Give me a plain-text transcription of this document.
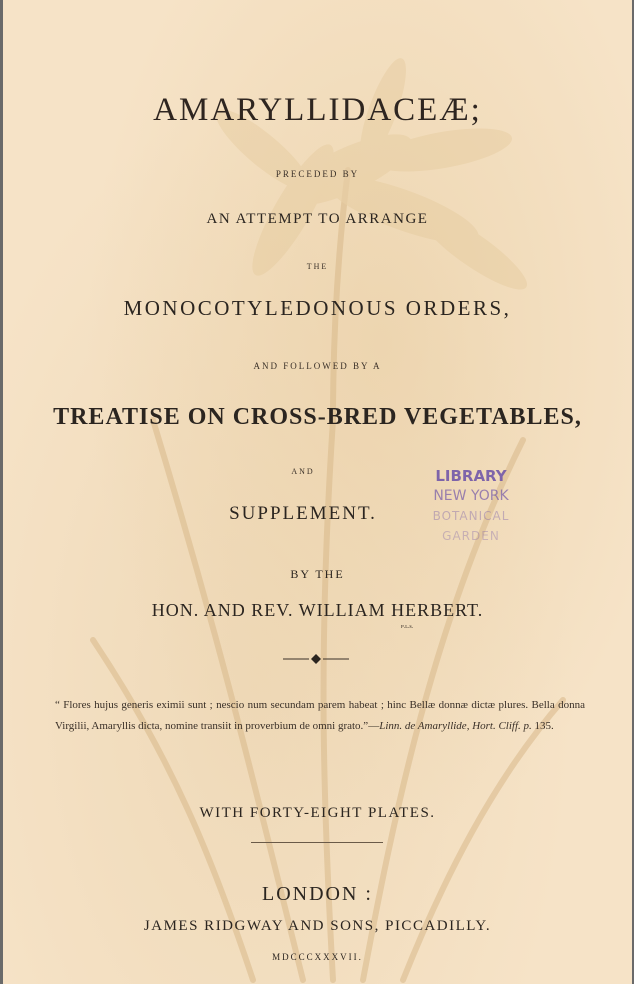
AMARYLLIDACEÆ;
PRECEDED BY
AN ATTEMPT TO ARRANGE
THE
MONOCOTYLEDONOUS ORDERS,
AND FOLLOWED BY A
TREATISE ON CROSS-BRED VEGETABLES,
AND
SUPPLEMENT.
LIBRARY
NEW YORK
BOTANICAL
GARDEN
BY THE
HON. AND REV. WILLIAM HERBERT.
ᴘ.ʟ.s.
“ Flores hujus generis eximii sunt ; nescio num secundam parem habeat ; hinc Bellæ donnæ dictæ plures. Bella donna Virgilii, Amaryllis dicta, nomine transiit in proverbium de omni grato.”—Linn. de Amaryllide, Hort. Cliff. p. 135.
WITH FORTY-EIGHT PLATES.
LONDON :
JAMES RIDGWAY AND SONS, PICCADILLY.
MDCCCXXXVII.
